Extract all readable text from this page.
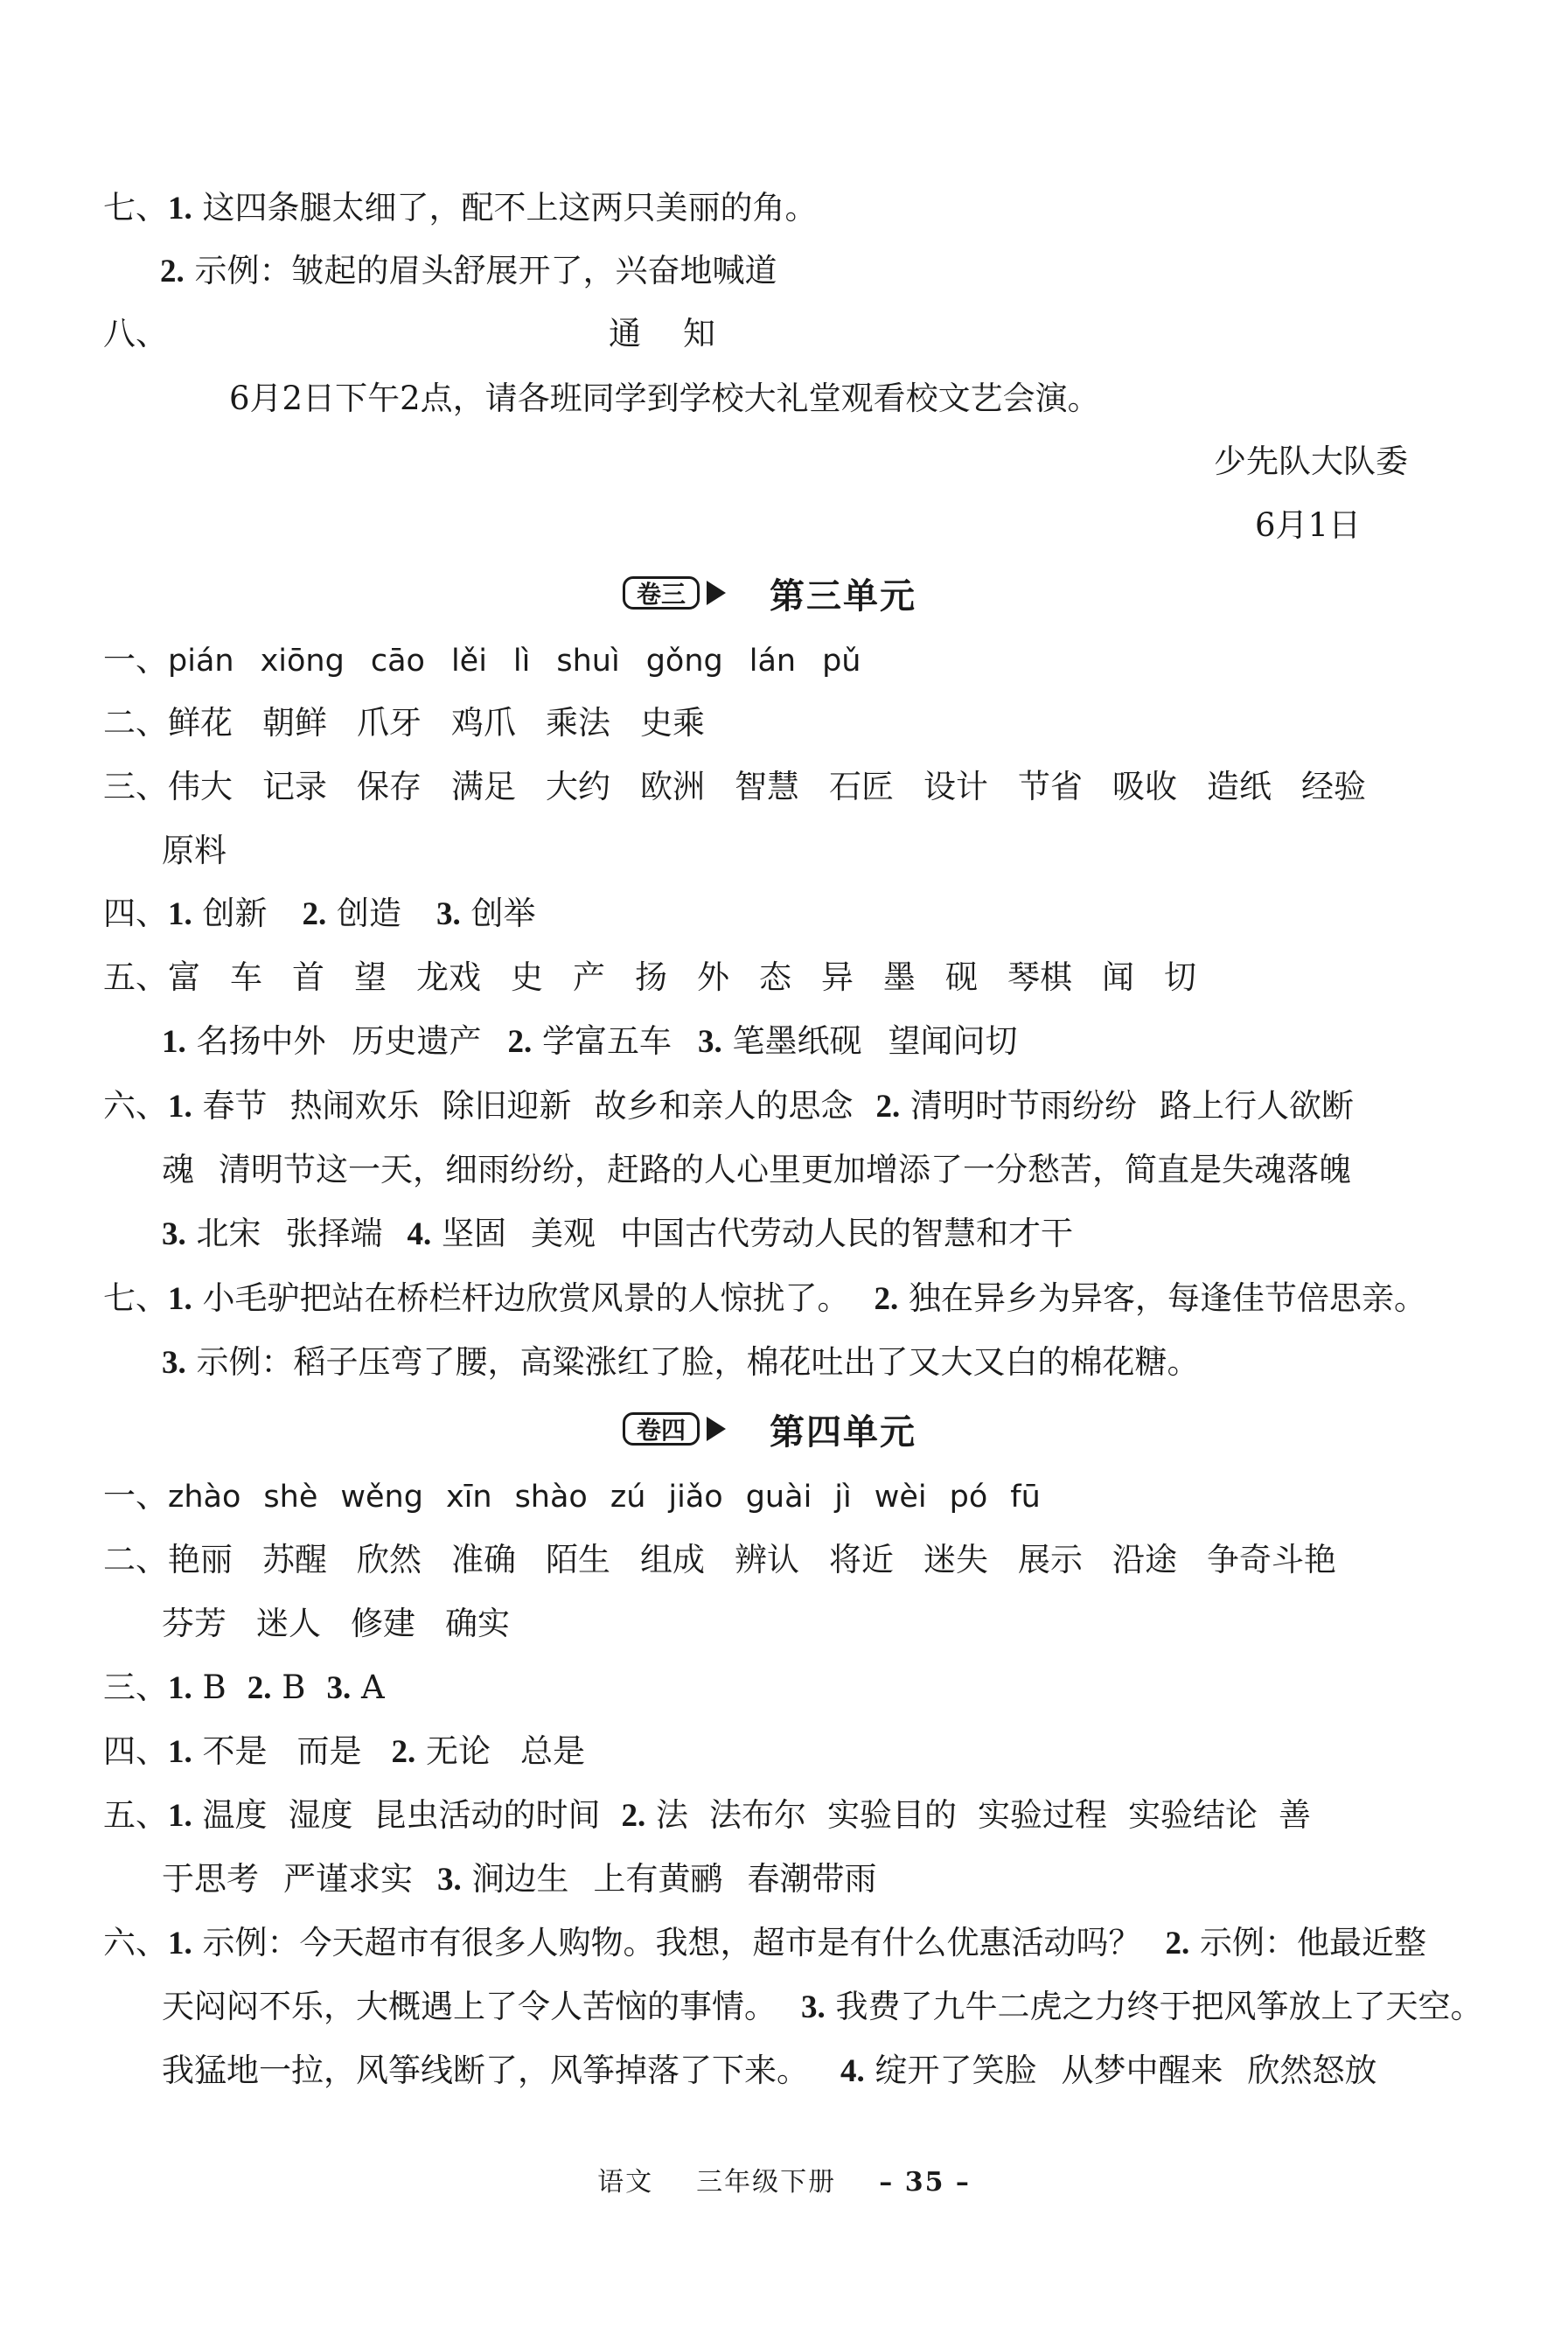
七、1. 这四条腿太细了，配不上这两只美丽的角。
2. 示例：皱起的眉头舒展开了，兴奋地喊道
八、	通知
6月2日下午2点，请各班同学到学校大礼堂观看校文艺会演。
少先队大队委
6月1日
卷三	第三单元
一、pián xiōng cāo lěi lì shuì gǒng lán pǔ
二、鲜花 朝鲜 爪牙 鸡爪 乘法 史乘
三、伟大 记录 保存 满足 大约 欧洲 智慧 石匠 设计 节省 吸收 造纸 经验
原料
四、1. 创新 2. 创造 3. 创举
五、富 车 首 望 龙戏 史 产 扬 外 态 异 墨 砚 琴棋 闻 切
1. 名扬中外 历史遗产 2. 学富五车 3. 笔墨纸砚 望闻问切
六、1. 春节 热闹欢乐 除旧迎新 故乡和亲人的思念 2. 清明时节雨纷纷 路上行人欲断
魂 清明节这一天，细雨纷纷，赶路的人心里更加增添了一分愁苦，简直是失魂落魄
3. 北宋 张择端 4. 坚固 美观 中国古代劳动人民的智慧和才干
七、1. 小毛驴把站在桥栏杆边欣赏风景的人惊扰了。 2. 独在异乡为异客，每逢佳节倍思亲。
3. 示例：稻子压弯了腰，高粱涨红了脸，棉花吐出了又大又白的棉花糖。
卷四	第四单元
一、zhào shè wěng xīn shào zú jiǎo guài jì wèi pó fū
二、艳丽 苏醒 欣然 准确 陌生 组成 辨认 将近 迷失 展示 沿途 争奇斗艳
芬芳 迷人 修建 确实
三、1. B 2. B 3. A
四、1. 不是 而是 2. 无论 总是
五、1. 温度 湿度 昆虫活动的时间 2. 法 法布尔 实验目的 实验过程 实验结论 善
于思考 严谨求实 3. 涧边生 上有黄鹂 春潮带雨
六、1. 示例：今天超市有很多人购物。我想，超市是有什么优惠活动吗？ 2. 示例：他最近整
天闷闷不乐，大概遇上了令人苦恼的事情。 3. 我费了九牛二虎之力终于把风筝放上了天空。
我猛地一拉，风筝线断了，风筝掉落了下来。 4. 绽开了笑脸 从梦中醒来 欣然怒放
语文 三年级下册 – 35 –
